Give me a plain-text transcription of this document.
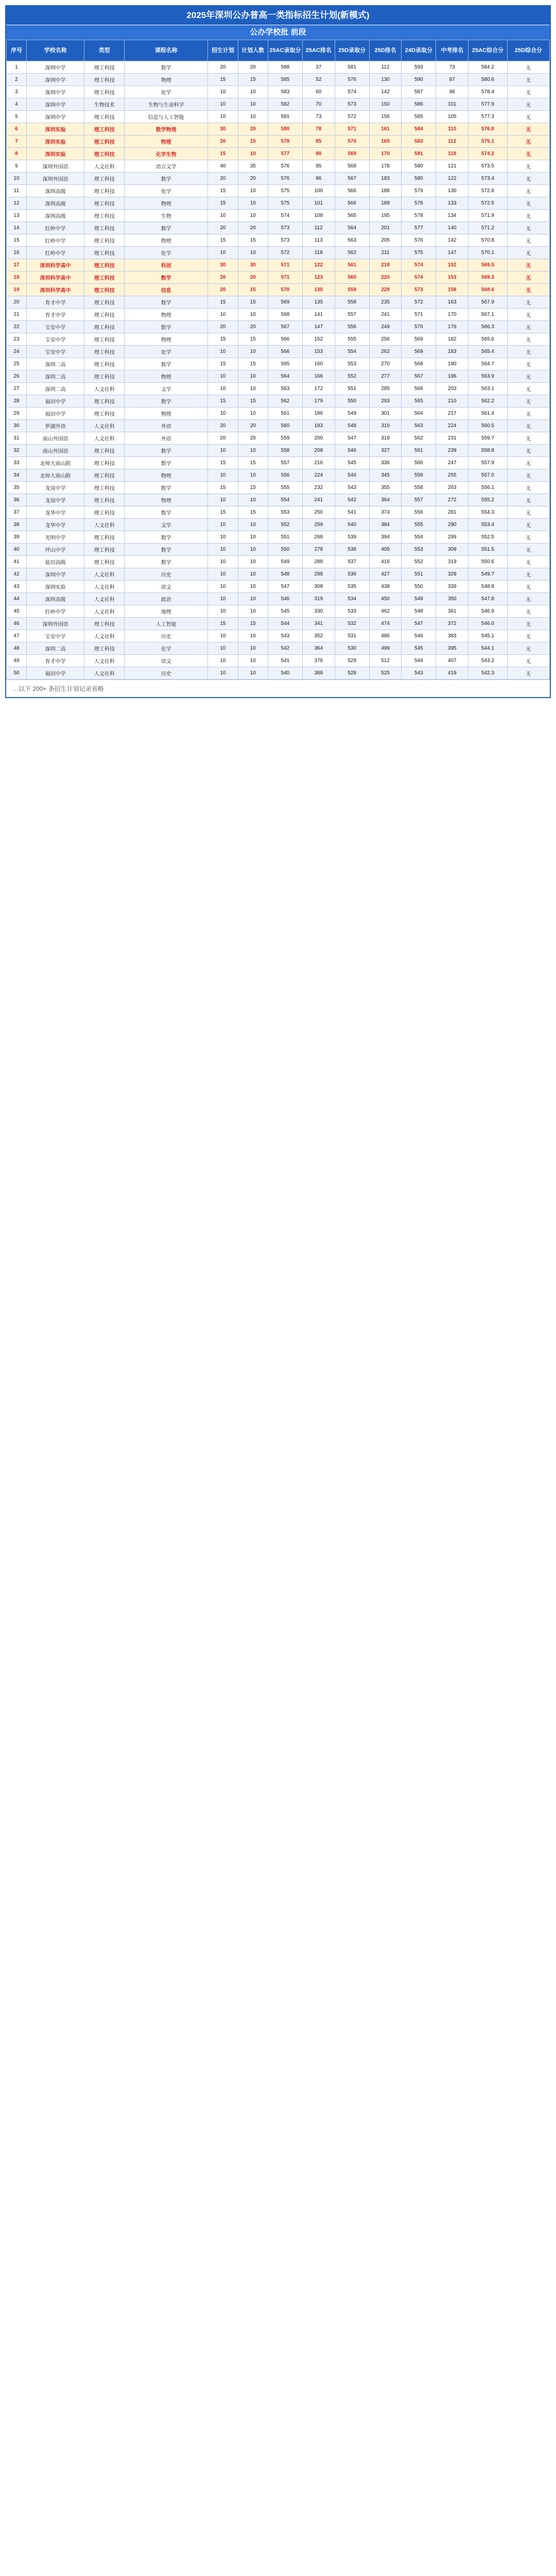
2025年深圳公办普高一类指标招生计划(新模式)
公办学校批 前段
序号	学校名称	类型	课程名称	招生计划	计划人数	25AC录取分	25AC排名	25D录取分	25D排名	24D录取分	中考排名	25AC综合分	25D综合分
1	深圳中学	理工科技	数学	20	20	588	37	581	112	593	73	584.2	无
2	深圳中学	理工科技	物理	15	15	585	52	576	130	590	87	580.6	无
3	深圳中学	理工科技	化学	10	10	583	60	574	142	587	96	578.4	无
4	深圳中学	生物技术	生物与生命科学	10	10	582	70	573	150	586	101	577.9	无
5	深圳中学	理工科技	信息与人工智能	10	10	581	73	572	156	585	105	577.3	无
6	深圳实验	理工科技	数学物理	30	20	580	78	571	161	584	110	576.8	无
7	深圳实验	理工科技	物理	20	15	578	85	570	165	583	112	575.1	无
8	深圳实验	理工科技	化学生物	15	10	577	90	569	170	581	118	574.2	无
9	深圳外国语	人文社科	语言文学	40	35	576	95	568	178	580	121	573.5	无
10	深圳外国语	理工科技	数学	20	20	576	96	567	183	580	122	573.4	无
11	深圳高级	理工科技	化学	15	10	575	100	566	188	579	130	572.8	无
12	深圳高级	理工科技	物理	15	10	575	101	566	189	578	133	572.5	无
13	深圳高级	理工科技	生物	10	10	574	108	565	195	578	134	571.9	无
14	红岭中学	理工科技	数学	20	20	573	112	564	201	577	140	571.2	无
15	红岭中学	理工科技	物理	15	15	573	113	563	205	576	142	570.8	无
16	红岭中学	理工科技	化学	10	10	572	118	562	211	575	147	570.1	无
17	深圳科学高中	理工科技	科创	30	30	571	122	561	218	574	152	569.5	无
18	深圳科学高中	理工科技	数学	20	20	571	123	560	220	574	153	569.3	无
19	深圳科学高中	理工科技	信息	20	15	570	130	559	228	573	158	568.6	无
20	育才中学	理工科技	数学	15	15	569	135	558	235	572	163	567.9	无
21	育才中学	理工科技	物理	10	10	568	141	557	241	571	170	567.1	无
22	宝安中学	理工科技	数学	20	20	567	147	556	249	570	176	566.3	无
23	宝安中学	理工科技	物理	15	15	566	152	555	256	569	182	565.6	无
24	宝安中学	理工科技	化学	10	10	566	153	554	262	569	183	565.4	无
25	深圳二高	理工科技	数学	15	15	565	160	553	270	568	190	564.7	无
26	深圳二高	理工科技	物理	10	10	564	166	552	277	567	196	563.9	无
27	深圳二高	人文社科	文学	10	10	563	172	551	285	566	203	563.1	无
28	福田中学	理工科技	数学	15	15	562	179	550	293	565	210	562.2	无
29	福田中学	理工科技	物理	10	10	561	186	549	301	564	217	561.4	无
30	罗湖外语	人文社科	外语	20	20	560	193	548	310	563	224	560.5	无
31	南山外国语	人文社科	外语	20	20	559	200	547	318	562	231	559.7	无
32	南山外国语	理工科技	数学	10	10	558	208	546	327	561	239	558.8	无
33	北师大南山附	理工科技	数学	15	15	557	216	545	336	560	247	557.9	无
34	北师大南山附	理工科技	物理	10	10	556	224	544	345	559	255	557.0	无
35	龙岗中学	理工科技	数学	15	15	555	232	543	355	558	263	556.1	无
36	龙岗中学	理工科技	物理	10	10	554	241	542	364	557	272	555.2	无
37	龙华中学	理工科技	数学	15	15	553	250	541	374	556	281	554.3	无
38	龙华中学	人文社科	文学	10	10	552	259	540	384	555	290	553.4	无
39	光明中学	理工科技	数学	10	10	551	268	539	394	554	299	552.5	无
40	坪山中学	理工科技	数学	10	10	550	278	538	405	553	309	551.5	无
41	盐田高级	理工科技	数学	10	10	549	288	537	416	552	319	550.6	无
42	深圳中学	人文社科	历史	10	10	548	298	536	427	551	329	549.7	无
43	深圳实验	人文社科	语文	10	10	547	308	535	438	550	339	548.8	无
44	深圳高级	人文社科	政治	10	10	546	319	534	450	549	350	547.8	无
45	红岭中学	人文社科	地理	10	10	545	330	533	462	548	361	546.9	无
46	深圳外国语	理工科技	人工智能	15	15	544	341	532	474	547	372	546.0	无
47	宝安中学	人文社科	历史	10	10	543	352	531	486	546	383	545.1	无
48	深圳二高	理工科技	化学	10	10	542	364	530	499	545	395	544.1	无
49	育才中学	人文社科	语文	10	10	541	376	529	512	544	407	543.2	无
50	福田中学	人文社科	历史	10	10	540	388	528	525	543	419	542.3	无
…以下 200+ 条招生计划记录省略
